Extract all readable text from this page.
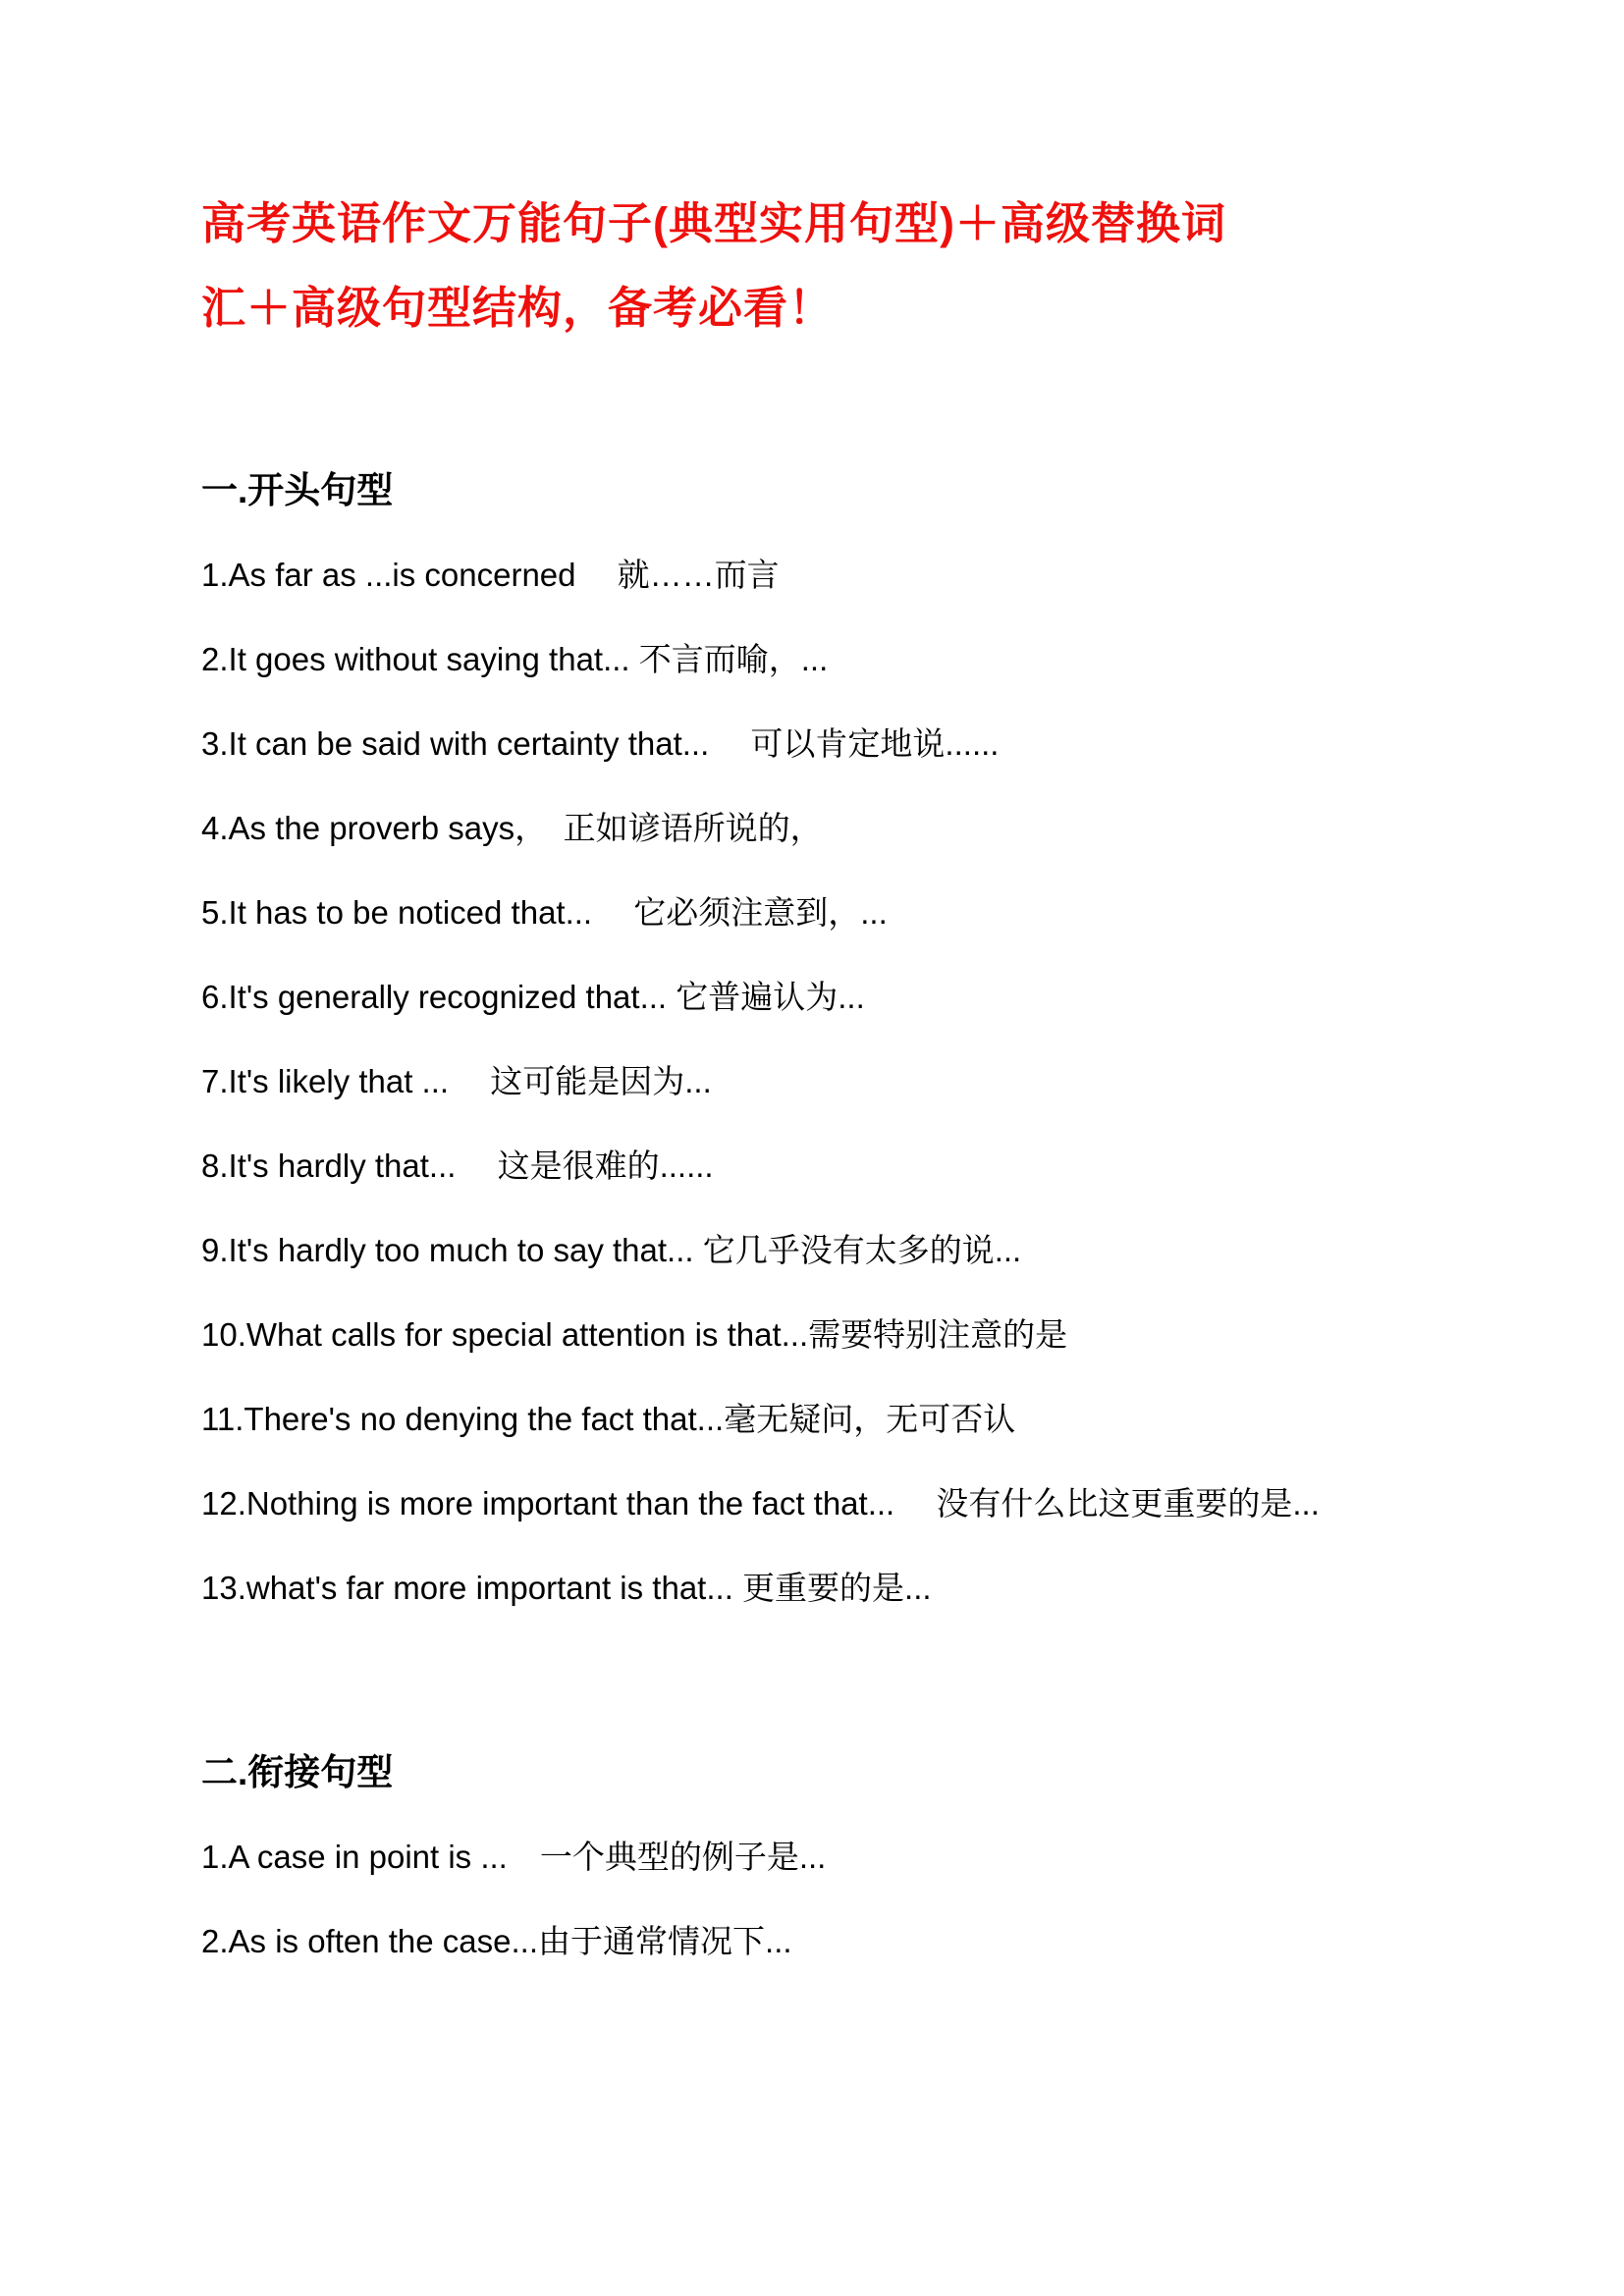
高考英语作文万能句子(典型实用句型)＋高级替换词
汇＋高级句型结构，备考必看！
一.开头句型

1.As far as ...is concerned　 就……而言

2.It goes without saying that... 不言而喻，...

3.It can be said with certainty that...　 可以肯定地说......

4.As the proverb says，　正如谚语所说的，

5.It has to be noticed that...　 它必须注意到，...

6.It's generally recognized that... 它普遍认为...

7.It's likely that ...　 这可能是因为...

8.It's hardly that...　 这是很难的......

9.It's hardly too much to say that... 它几乎没有太多的说...

10.What calls for special attention is that...需要特别注意的是

11.There's no denying the fact that...毫无疑问，无可否认

12.Nothing is more important than the fact that...　 没有什么比这更重要的是...

13.what's far more important is that... 更重要的是...

二.衔接句型

1.A case in point is ...　一个典型的例子是...

2.As is often the case...由于通常情况下...
